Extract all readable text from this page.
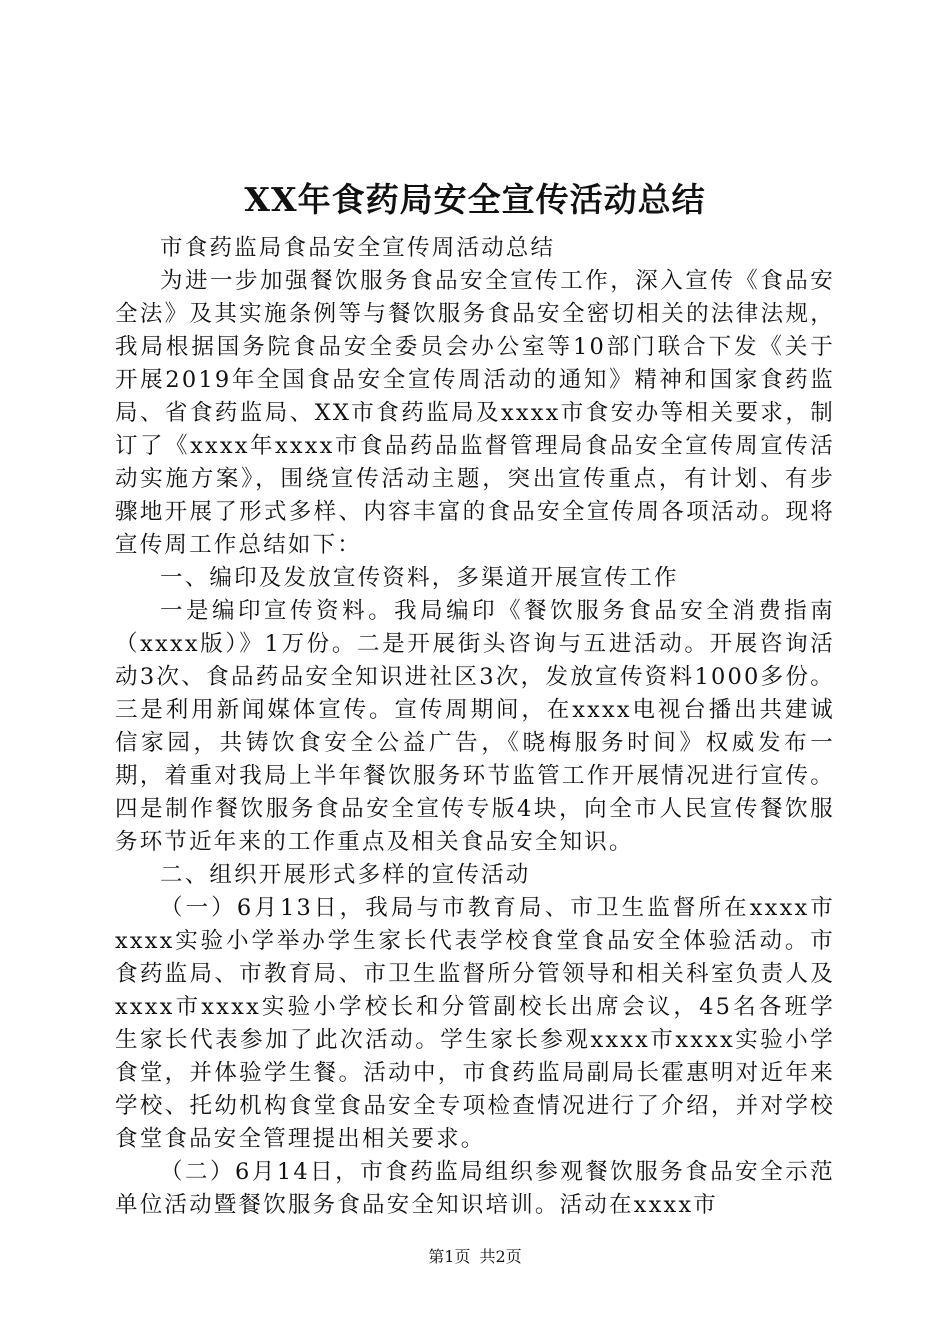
XX年食药局安全宣传活动总结

市食药监局食品安全宣传周活动总结

为进一步加强餐饮服务食品安全宣传工作，深入宣传《食品安全法》及其实施条例等与餐饮服务食品安全密切相关的法律法规，我局根据国务院食品安全委员会办公室等10部门联合下发《关于开展2019年全国食品安全宣传周活动的通知》精神和国家食药监局、省食药监局、XX市食药监局及xxxx市食安办等相关要求，制订了《xxxx年xxxx市食品药品监督管理局食品安全宣传周宣传活动实施方案》，围绕宣传活动主题，突出宣传重点，有计划、有步骤地开展了形式多样、内容丰富的食品安全宣传周各项活动。现将宣传周工作总结如下：

一、编印及发放宣传资料，多渠道开展宣传工作

一是编印宣传资料。我局编印《餐饮服务食品安全消费指南（xxxx版）》1万份。二是开展街头咨询与五进活动。开展咨询活动3次、食品药品安全知识进社区3次，发放宣传资料1000多份。三是利用新闻媒体宣传。宣传周期间，在xxxx电视台播出共建诚信家园，共铸饮食安全公益广告，《晓梅服务时间》权威发布一期，着重对我局上半年餐饮服务环节监管工作开展情况进行宣传。四是制作餐饮服务食品安全宣传专版4块，向全市人民宣传餐饮服务环节近年来的工作重点及相关食品安全知识。

二、组织开展形式多样的宣传活动

（一）6月13日，我局与市教育局、市卫生监督所在xxxx市xxxx实验小学举办学生家长代表学校食堂食品安全体验活动。市食药监局、市教育局、市卫生监督所分管领导和相关科室负责人及xxxx市xxxx实验小学校长和分管副校长出席会议，45名各班学生家长代表参加了此次活动。学生家长参观xxxx市xxxx实验小学食堂，并体验学生餐。活动中，市食药监局副局长霍惠明对近年来学校、托幼机构食堂食品安全专项检查情况进行了介绍，并对学校食堂食品安全管理提出相关要求。

（二）6月14日，市食药监局组织参观餐饮服务食品安全示范单位活动暨餐饮服务食品安全知识培训。活动在xxxx市

第1页 共2页
